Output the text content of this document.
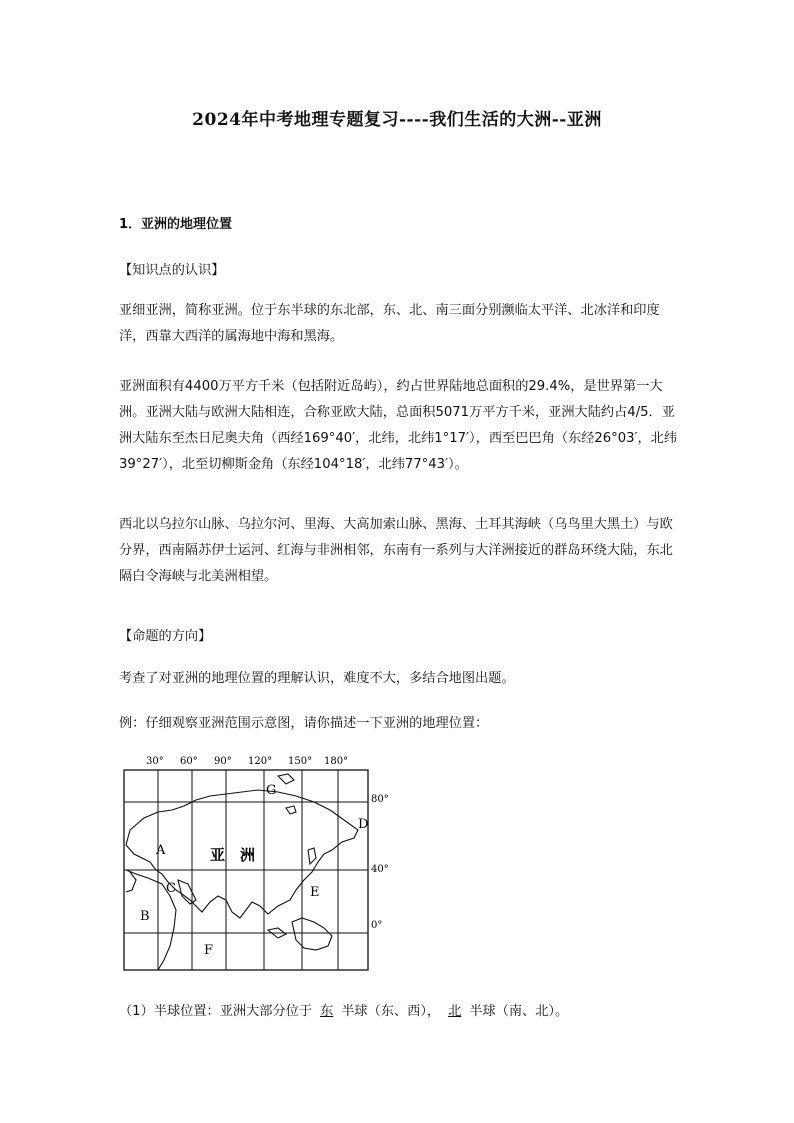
2024年中考地理专题复习----我们生活的大洲--亚洲
1．亚洲的地理位置
【知识点的认识】
亚细亚洲，简称亚洲。位于东半球的东北部，东、北、南三面分别濒临太平洋、北冰洋和印度洋，西靠大西洋的属海地中海和黑海。
亚洲面积有4400万平方千米（包括附近岛屿），约占世界陆地总面积的29.4%，是世界第一大洲。亚洲大陆与欧洲大陆相连，合称亚欧大陆，总面积5071万平方千米，亚洲大陆约占4/5．亚洲大陆东至杰日尼奥夫角（西经169°40′，北纬，北纬1°17′），西至巴巴角（东经26°03′，北纬39°27′），北至切柳斯金角（东经104°18′，北纬77°43′）。
西北以乌拉尔山脉、乌拉尔河、里海、大高加索山脉、黑海、土耳其海峡（乌鸟里大黑土）与欧分界，西南隔苏伊士运河、红海与非洲相邻，东南有一系列与大洋洲接近的群岛环绕大陆，东北隔白令海峡与北美洲相望。
【命题的方向】
考查了对亚洲的地理位置的理解认识，难度不大，多结合地图出题。
例：仔细观察亚洲范围示意图，请你描述一下亚洲的地理位置：
30° 60° 90° 120° 150° 180°
80°
40°
0°
亚　洲
A
B
C
D
E
F
G
（1）半球位置：亚洲大部分位于 东 半球（东、西）， 北 半球（南、北）。
